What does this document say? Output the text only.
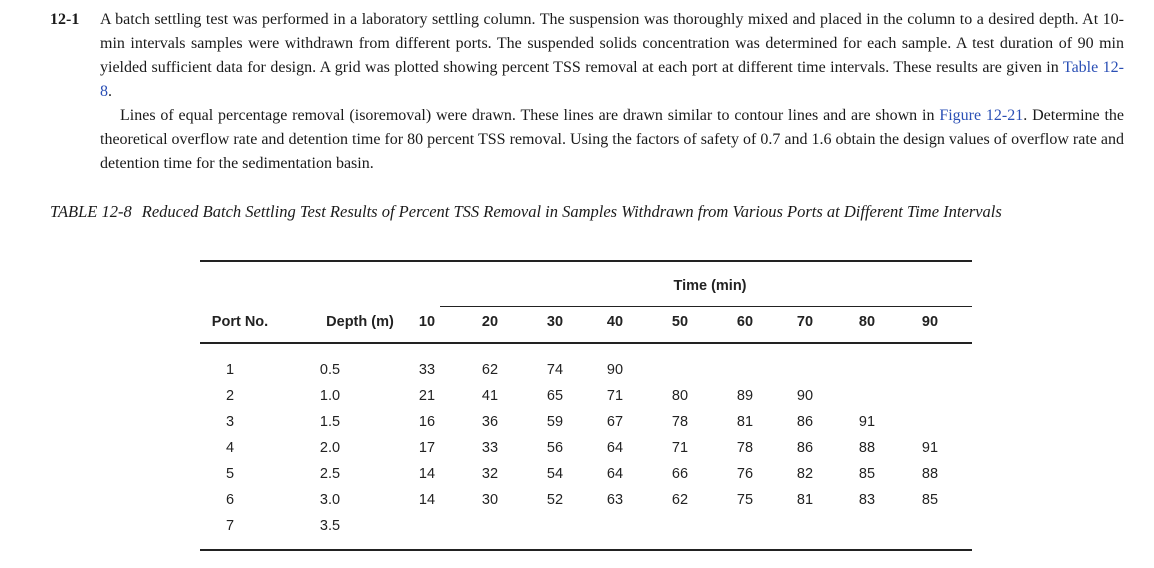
12-1	A batch settling test was performed in a laboratory settling column. The suspension was thoroughly mixed and placed in the column to a desired depth. At 10-min intervals samples were withdrawn from different ports. The suspended solids concentration was determined for each sample. A test duration of 90 min yielded sufficient data for design. A grid was plotted showing percent TSS removal at each port at different time intervals. These results are given in Table 12-8.

Lines of equal percentage removal (isoremoval) were drawn. These lines are drawn similar to contour lines and are shown in Figure 12-21. Determine the theoretical overflow rate and detention time for 80 percent TSS removal. Using the factors of safety of 0.7 and 1.6 obtain the design values of overflow rate and detention time for the sedimentation basin.

TABLE 12-8 Reduced Batch Settling Test Results of Percent TSS Removal in Samples Withdrawn from Various Ports at Different Time Intervals
Time (min)
Port No.	Depth (m)	10	20	30	40	50	60	70	80	90
1	0.5	33	62	74	90
2	1.0	21	41	65	71	80	89	90
3	1.5	16	36	59	67	78	81	86	91
4	2.0	17	33	56	64	71	78	86	88	91
5	2.5	14	32	54	64	66	76	82	85	88
6	3.0	14	30	52	63	62	75	81	83	85
7	3.5
